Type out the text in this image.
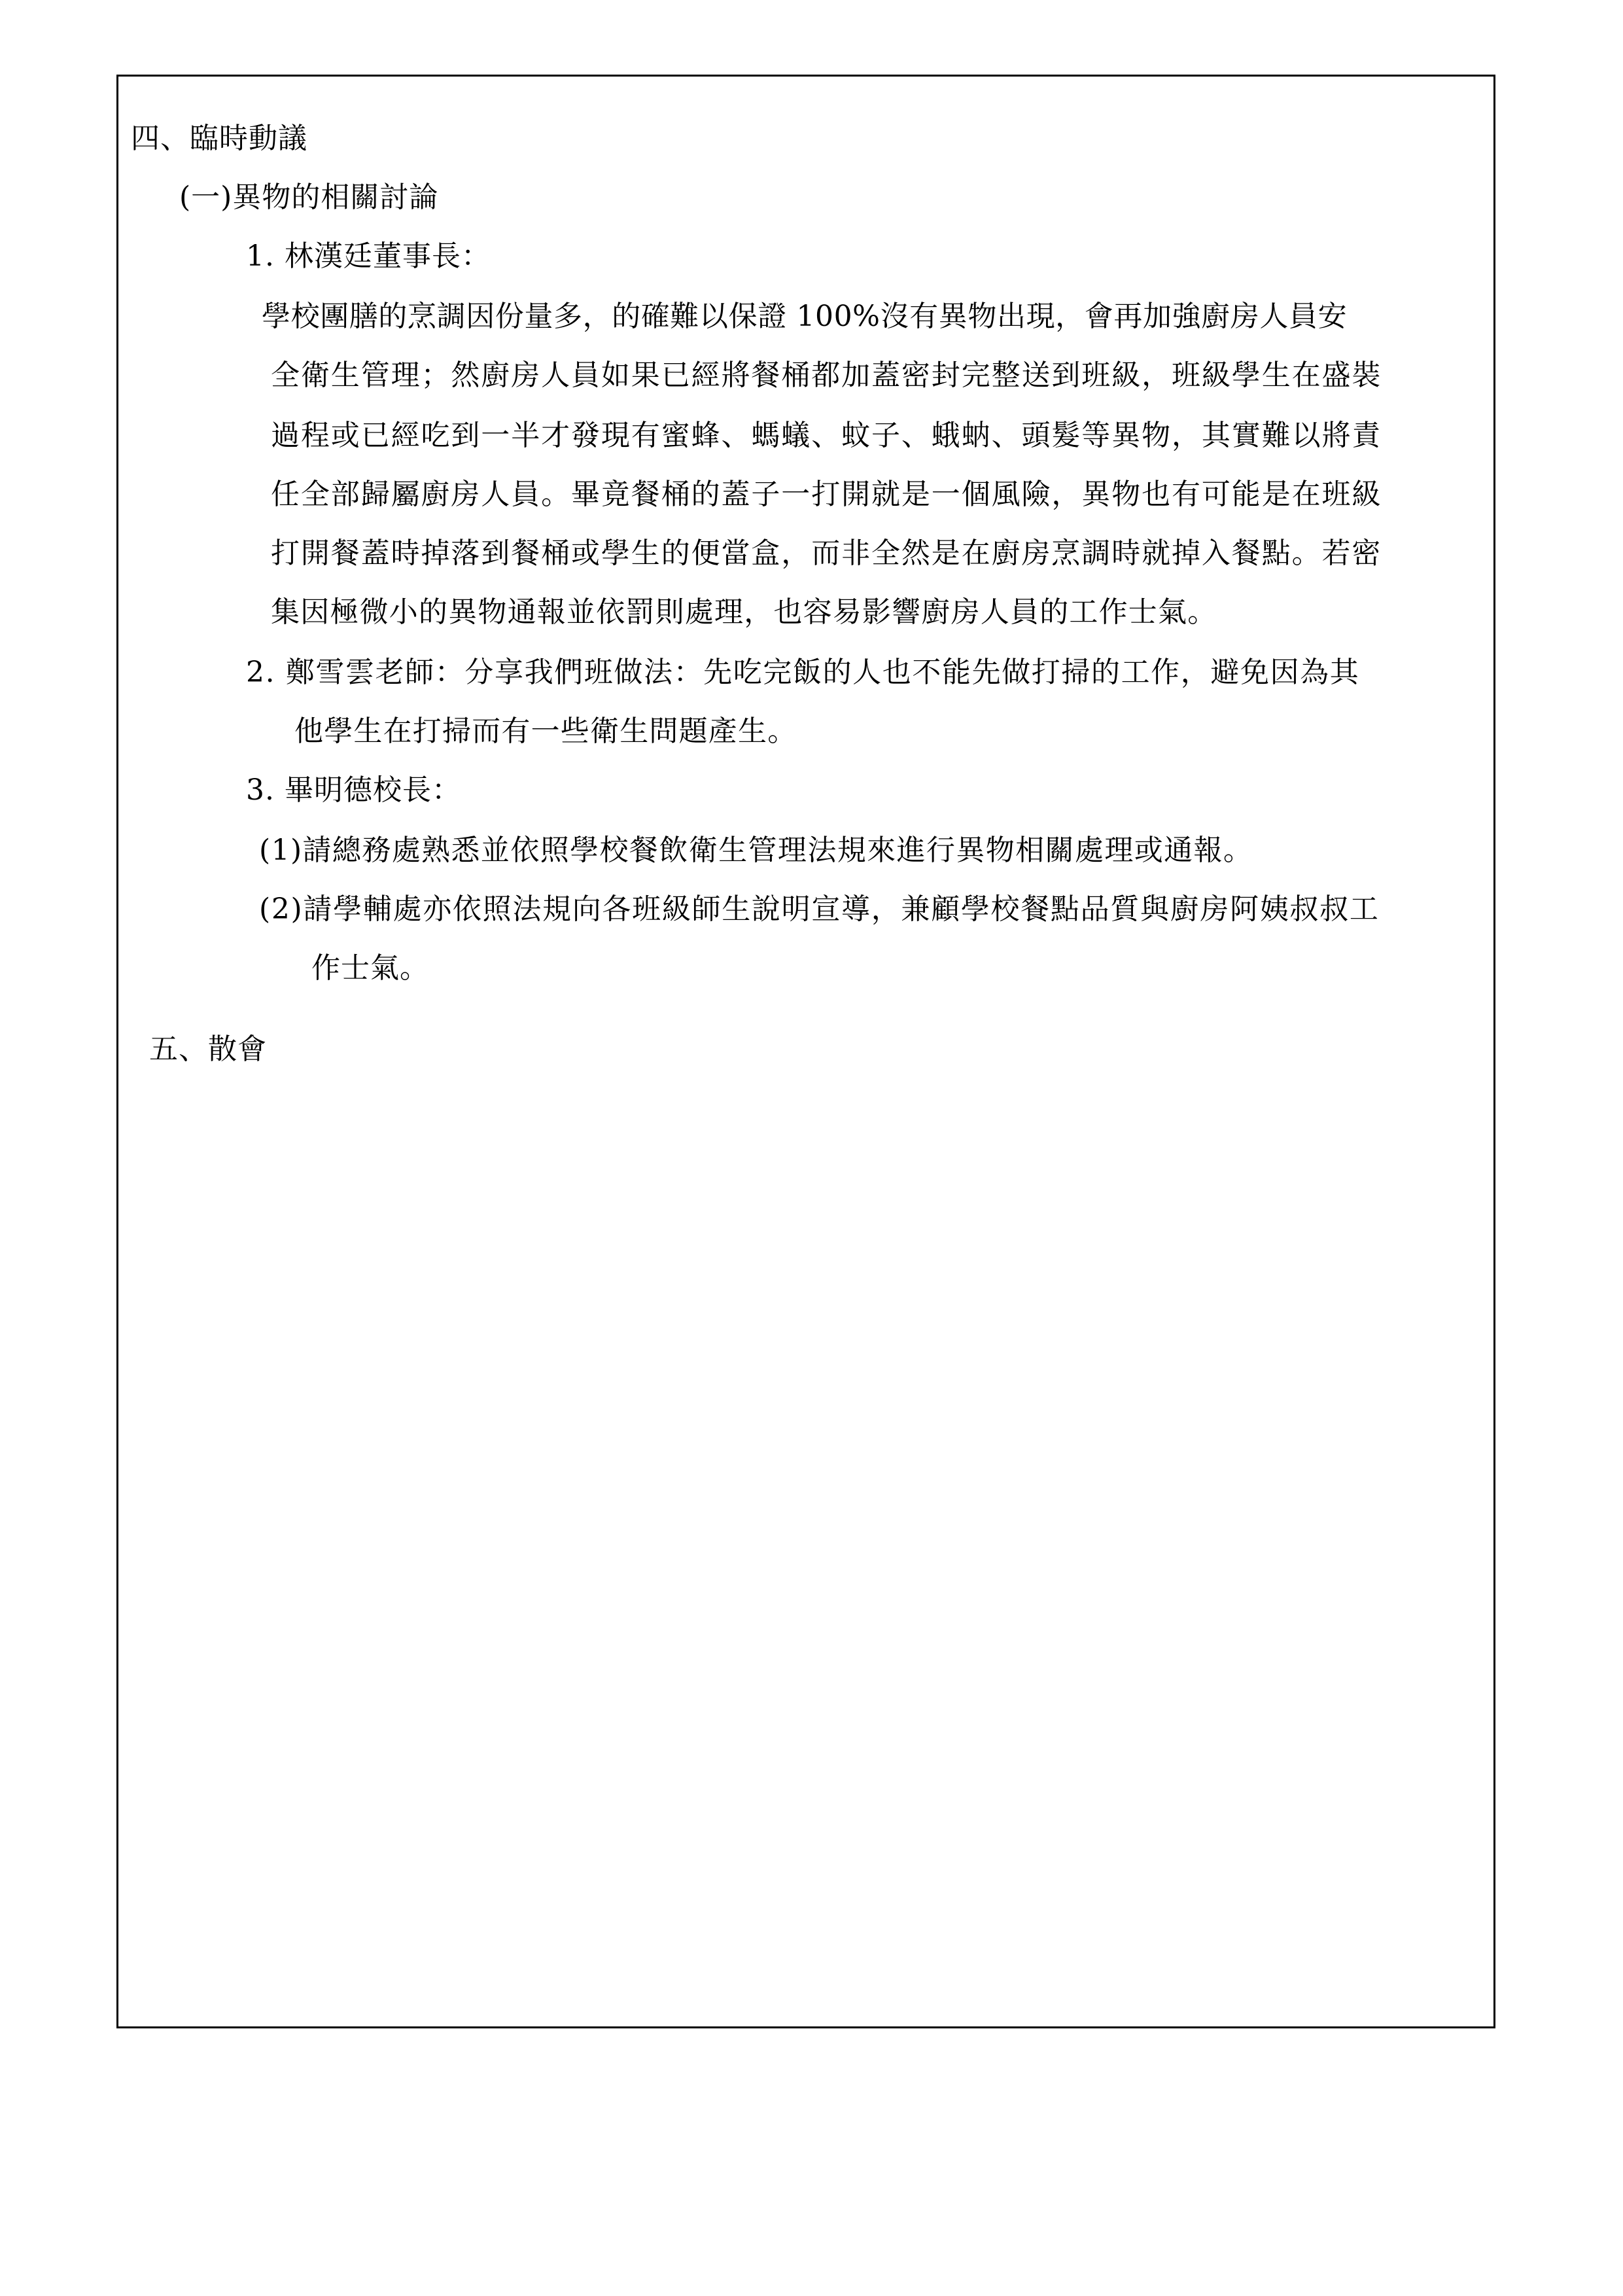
四、臨時動議
(一)異物的相關討論
1. 林漢廷董事長：
學校團膳的烹調因份量多，的確難以保證 100%沒有異物出現，會再加強廚房人員安
全衛生管理；然廚房人員如果已經將餐桶都加蓋密封完整送到班級，班級學生在盛裝
過程或已經吃到一半才發現有蜜蜂、螞蟻、蚊子、蛾蚋、頭髮等異物，其實難以將責
任全部歸屬廚房人員。畢竟餐桶的蓋子一打開就是一個風險，異物也有可能是在班級
打開餐蓋時掉落到餐桶或學生的便當盒，而非全然是在廚房烹調時就掉入餐點。若密
集因極微小的異物通報並依罰則處理，也容易影響廚房人員的工作士氣。
2. 鄭雪雲老師：分享我們班做法：先吃完飯的人也不能先做打掃的工作，避免因為其
他學生在打掃而有一些衛生問題產生。
3. 畢明德校長：
(1)請總務處熟悉並依照學校餐飲衛生管理法規來進行異物相關處理或通報。
(2)請學輔處亦依照法規向各班級師生說明宣導，兼顧學校餐點品質與廚房阿姨叔叔工
作士氣。
五、散會
